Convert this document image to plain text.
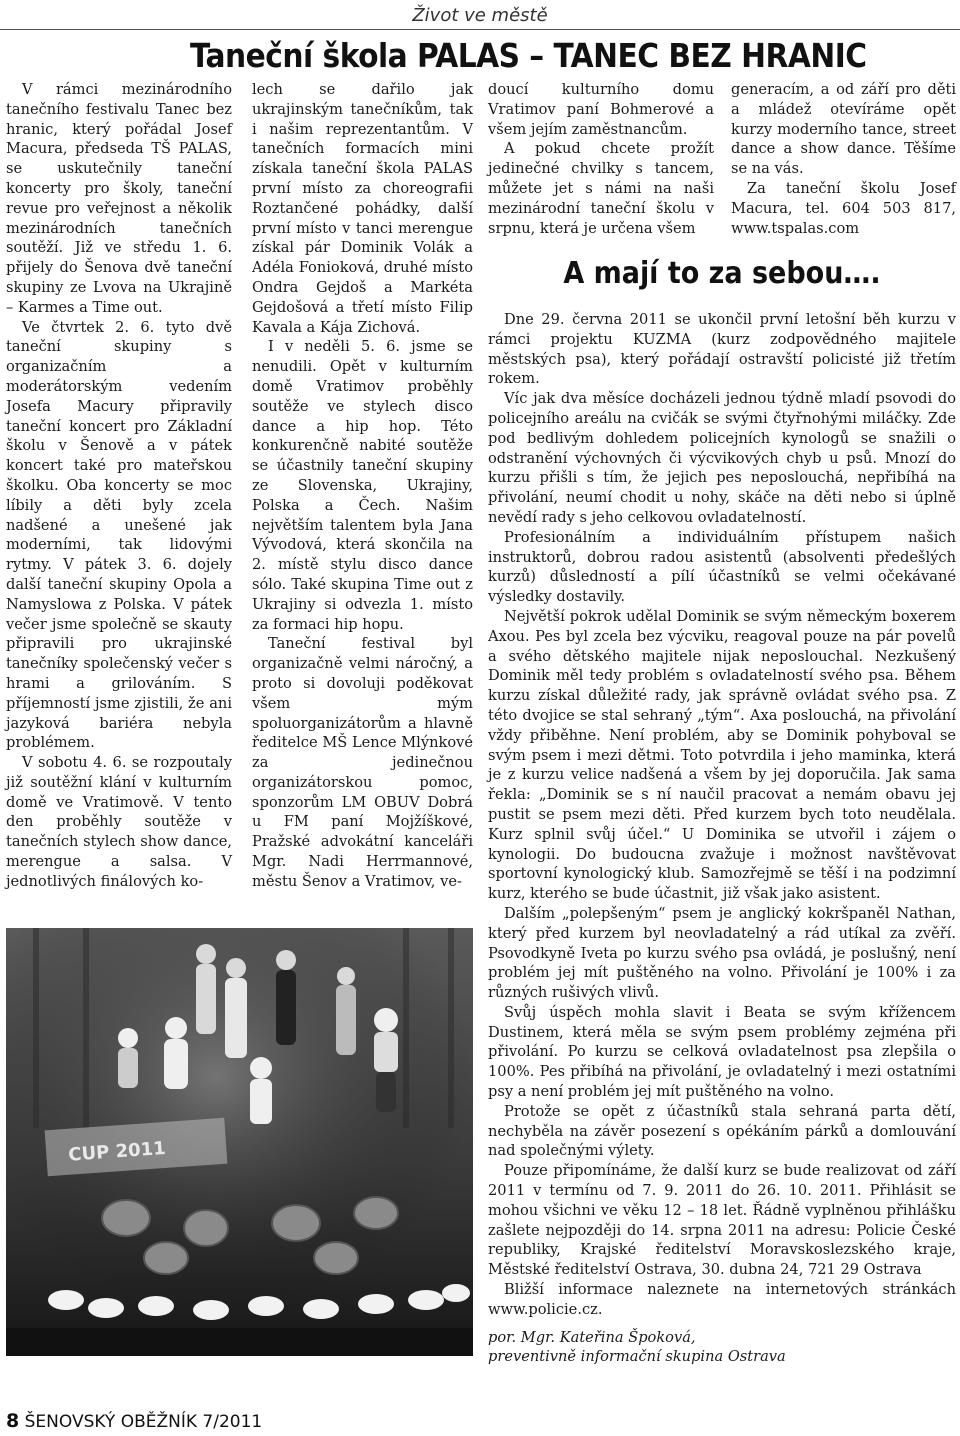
Život ve městě
Taneční škola PALAS – TANEC BEZ HRANIC

V rámci mezinárodního tanečního festivalu Tanec bez hranic, který pořádal Josef Macura, předseda TŠ PALAS, se uskutečnily taneční koncerty pro školy, taneční revue pro veřejnost a několik mezinárodních tanečních soutěží. Již ve středu 1. 6. přijely do Šenova dvě taneční skupiny ze Lvova na Ukrajině – Karmes a Time out.

Ve čtvrtek 2. 6. tyto dvě taneční skupiny s organizačním a moderátorským vedením Josefa Macury připravily taneční koncert pro Základní školu v Šenově a v pátek koncert také pro mateřskou školku. Oba koncerty se moc líbily a děti byly zcela nadšené a unešené jak moderními, tak lidovými rytmy. V pátek 3. 6. dojely další taneční skupiny Opola a Namyslowa z Polska. V pátek večer jsme společně se skauty připravili pro ukrajinské tanečníky společenský večer s hrami a grilováním. S příjemností jsme zjistili, že ani jazyková bariéra nebyla problémem.

V sobotu 4. 6. se rozpoutaly již soutěžní klání v kulturním domě ve Vratimově. V tento den proběhly soutěže v tanečních stylech show dance, merengue a salsa. V jednotlivých finálových ko-

CUP 2011

lech se dařilo jak ukrajinským tanečníkům, tak i našim reprezentantům. V tanečních formacích mini získala taneční škola PALAS první místo za choreografii Roztančené pohádky, další první místo v tanci merengue získal pár Dominik Volák a Adéla Fonioková, druhé místo Ondra Gejdoš a Markéta Gejdošová a třetí místo Filip Kavala a Kája Zichová.

I v neděli 5. 6. jsme se nenudili. Opět v kulturním domě Vratimov proběhly soutěže ve stylech disco dance a hip hop. Této konkurenčně nabité soutěže se účastnily taneční skupiny ze Slovenska, Ukrajiny, Polska a Čech. Našim největším talentem byla Jana Vývodová, která skončila na 2. místě stylu disco dance sólo. Také skupina Time out z Ukrajiny si odvezla 1. místo za formaci hip hopu.

Taneční festival byl organizačně velmi náročný, a proto si dovoluji poděkovat všem mým spoluorganizátorům a hlavně ředitelce MŠ Lence Mlýnkové za jedinečnou organizátorskou pomoc, sponzorům LM OBUV Dobrá u FM paní Mojžíškové, Pražské advokátní kanceláři Mgr. Nadi Herrmannové, městu Šenov a Vratimov, ve-

doucí kulturního domu Vratimov paní Bohmerové a všem jejím zaměstnancům.

A pokud chcete prožít jedinečné chvilky s tancem, můžete jet s námi na naši mezinárodní taneční školu v srpnu, která je určena všem

generacím, a od září pro děti a mládež otevíráme opět kurzy moderního tance, street dance a show dance. Těšíme se na vás.

Za taneční školu Josef Macura, tel. 604 503 817, www.tspalas.com

A mají to za sebou….

Dne 29. června 2011 se ukončil první letošní běh kurzu v rámci projektu KUZMA (kurz zodpovědného majitele městských psa), který pořádají ostravští policisté již třetím rokem.

Víc jak dva měsíce docházeli jednou týdně mladí psovodi do policejního areálu na cvičák se svými čtyřnohými miláčky. Zde pod bedlivým dohledem policejních kynologů se snažili o odstranění výchovných či výcvikových chyb u psů. Mnozí do kurzu přišli s tím, že jejich pes neposlouchá, nepřibíhá na přivolání, neumí chodit u nohy, skáče na děti nebo si úplně nevědí rady s jeho celkovou ovladatelností.

Profesionálním a individuálním přístupem našich instruktorů, dobrou radou asistentů (absolventi předešlých kurzů) důsledností a pílí účastníků se velmi očekávané výsledky dostavily.

Největší pokrok udělal Dominik se svým německým boxerem Axou. Pes byl zcela bez výcviku, reagoval pouze na pár povelů a svého dětského majitele nijak neposlouchal. Nezkušený Dominik měl tedy problém s ovladatelností svého psa. Během kurzu získal důležité rady, jak správně ovládat svého psa. Z této dvojice se stal sehraný „tým“. Axa poslouchá, na přivolání vždy přiběhne. Není problém, aby se Dominik pohyboval se svým psem i mezi dětmi. Toto potvrdila i jeho maminka, která je z kurzu velice nadšená a všem by jej doporučila. Jak sama řekla: „Dominik se s ní naučil pracovat a nemám obavu jej pustit se psem mezi děti. Před kurzem bych toto neudělala. Kurz splnil svůj účel.“ U Dominika se utvořil i zájem o kynologii. Do budoucna zvažuje i možnost navštěvovat sportovní kynologický klub. Samozřejmě se těší i na podzimní kurz, kterého se bude účastnit, již však jako asistent.

Dalším „polepšeným“ psem je anglický kokršpaněl Nathan, který před kurzem byl neovladatelný a rád utíkal za zvěří. Psovodkyně Iveta po kurzu svého psa ovládá, je poslušný, není problém jej mít puštěného na volno. Přivolání je 100% i za různých rušivých vlivů.

Svůj úspěch mohla slavit i Beata se svým křížencem Dustinem, která měla se svým psem problémy zejména při přivolání. Po kurzu se celková ovladatelnost psa zlepšila o 100%. Pes přibíhá na přivolání, je ovladatelný i mezi ostatními psy a není problém jej mít puštěného na volno.

Protože se opět z účastníků stala sehraná parta dětí, nechyběla na závěr posezení s opékáním párků a domlouvání nad společnými výlety.

Pouze připomínáme, že další kurz se bude realizovat od září 2011 v termínu od 7. 9. 2011 do 26. 10. 2011. Přihlásit se mohou všichni ve věku 12 – 18 let. Řádně vyplněnou přihlášku zašlete nejpozději do 14. srpna 2011 na adresu: Policie České republiky, Krajské ředitelství Moravskoslezského kraje, Městské ředitelství Ostrava, 30. dubna 24, 721 29 Ostrava

Bližší informace naleznete na internetových stránkách www.policie.cz.

por. Mgr. Kateřina Špoková,

preventivně informační skupina Ostrava

8 ŠENOVSKÝ OBĚŽNÍK 7/2011
